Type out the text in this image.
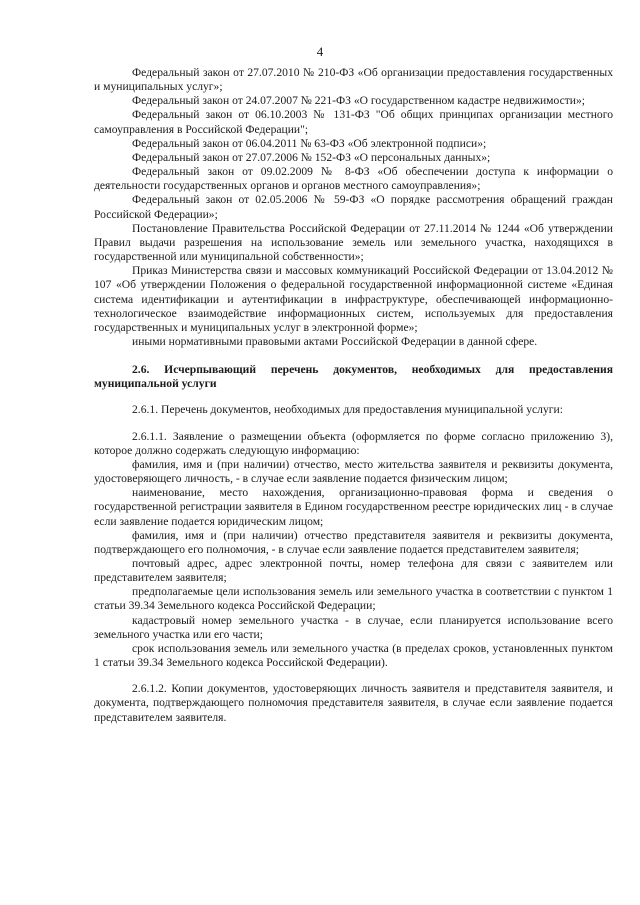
4

Федеральный закон от 27.07.2010 № 210-ФЗ «Об организации предоставления государственных и муниципальных услуг»;

Федеральный закон от 24.07.2007 № 221-ФЗ «О государственном кадастре недвижимости»;

Федеральный закон от 06.10.2003 № 131-ФЗ "Об общих принципах организации местного самоуправления в Российской Федерации";

Федеральный закон от 06.04.2011 № 63-ФЗ «Об электронной подписи»;

Федеральный закон от 27.07.2006 № 152-ФЗ «О персональных данных»;

Федеральный закон от 09.02.2009 № 8-ФЗ «Об обеспечении доступа к информации о деятельности государственных органов и органов местного самоуправления»;

Федеральный закон от 02.05.2006 № 59-ФЗ «О порядке рассмотрения обращений граждан Российской Федерации»;

Постановление Правительства Российской Федерации от 27.11.2014 № 1244 «Об утверждении Правил выдачи разрешения на использование земель или земельного участка, находящихся в государственной или муниципальной собственности»;

Приказ Министерства связи и массовых коммуникаций Российской Федерации от 13.04.2012 № 107 «Об утверждении Положения о федеральной государственной информационной системе «Единая система идентификации и аутентификации в инфраструктуре, обеспечивающей информационно-технологическое взаимодействие информационных систем, используемых для предоставления государственных и муниципальных услуг в электронной форме»;

иными нормативными правовыми актами Российской Федерации в данной сфере.

2.6. Исчерпывающий перечень документов, необходимых для предоставления муниципальной услуги

2.6.1. Перечень документов, необходимых для предоставления муниципальной услуги:

2.6.1.1. Заявление о размещении объекта (оформляется по форме согласно приложению 3), которое должно содержать следующую информацию:

фамилия, имя и (при наличии) отчество, место жительства заявителя и реквизиты документа, удостоверяющего личность, - в случае если заявление подается физическим лицом;

наименование, место нахождения, организационно-правовая форма и сведения о государственной регистрации заявителя в Едином государственном реестре юридических лиц - в случае если заявление подается юридическим лицом;

фамилия, имя и (при наличии) отчество представителя заявителя и реквизиты документа, подтверждающего его полномочия, - в случае если заявление подается представителем заявителя;

почтовый адрес, адрес электронной почты, номер телефона для связи с заявителем или представителем заявителя;

предполагаемые цели использования земель или земельного участка в соответствии с пунктом 1 статьи 39.34 Земельного кодекса Российской Федерации;

кадастровый номер земельного участка - в случае, если планируется использование всего земельного участка или его части;

срок использования земель или земельного участка (в пределах сроков, установленных пунктом 1 статьи 39.34 Земельного кодекса Российской Федерации).

2.6.1.2. Копии документов, удостоверяющих личность заявителя и представителя заявителя, и документа, подтверждающего полномочия представителя заявителя, в случае если заявление подается представителем заявителя.
